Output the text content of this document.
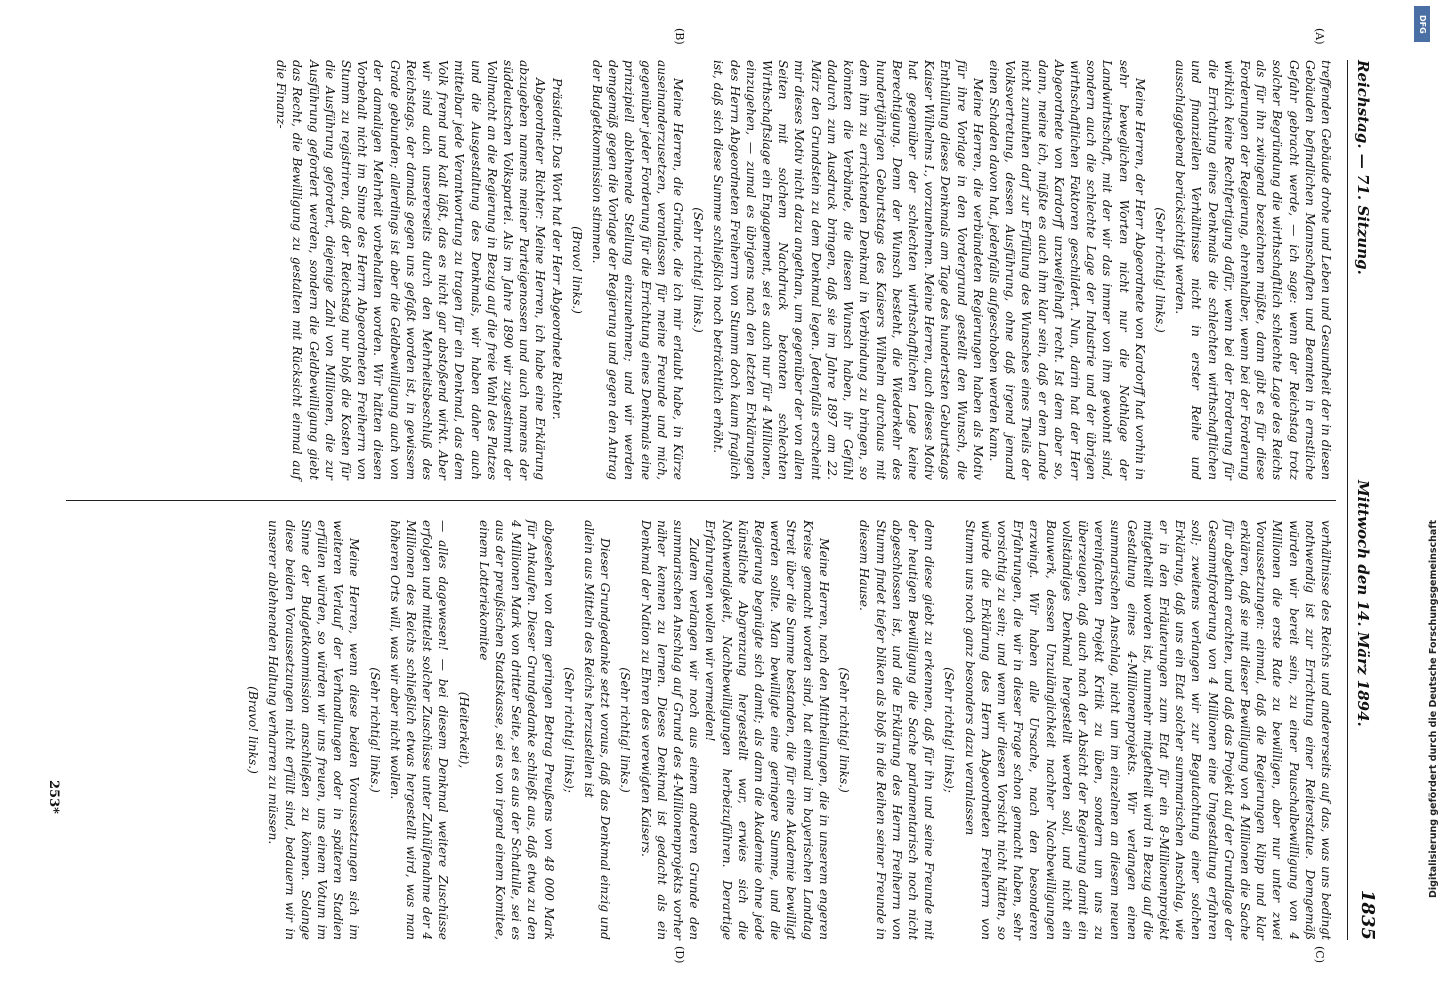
Reichstag. — 71. Sitzung.
Mittwoch den 14. März 1894.
1835
(A)
(B)
(C)
(D)

treffenden Gebäude drohe und Leben und Gesundheit der in diesen Gebäuden befindlichen Mannschaften und Beamten in ernstliche Gefahr gebracht werde, — ich sage: wenn der Reichstag trotz solcher Begründung die wirthschaftlich schlechte Lage des Reichs als für ihn zwingend bezeichnen müßte, dann gibt es für diese Forderungen der Regierung, ehrenhalber, wenn bei der Forderung wirklich keine Rechtfertigung dafür, wenn bei der Forderung für die Errichtung eines Denkmals die schlechten wirthschaftlichen und finanziellen Verhältnisse nicht in erster Reihe und ausschlaggebend berücksichtigt werden.

(Sehr richtig! links.)

Meine Herren, der Herr Abgeordnete von Kardorff hat vorhin in sehr beweglichen Worten nicht nur die Nothlage der Landwirthschaft, mit der wir das immer von ihm gewohnt sind, sondern auch die schlechte Lage der Industrie und der übrigen wirthschaftlichen Faktoren geschildert. Nun, darin hat der Herr Abgeordnete von Kardorff unzweifelhaft recht. Ist dem aber so, dann, meine ich, müßte es auch ihm klar sein, daß er dem Lande nicht zumuthen darf zur Erfüllung des Wunsches eines Theils der Volksvertretung, dessen Ausführung, ohne daß irgend jemand einen Schaden davon hat, jedenfalls aufgeschoben werden kann.

Meine Herren, die verbündeten Regierungen haben als Motiv für ihre Vorlage in den Vordergrund gestellt den Wunsch, die Enthüllung dieses Denkmals am Tage des hundertsten Geburtstags Kaiser Wilhelms I., vorzunehmen. Meine Herren, auch dieses Motiv hat gegenüber der schlechten wirthschaftlichen Lage keine Berechtigung. Denn der Wunsch besteht, die Wiederkehr des hundertjährigen Geburtstags des Kaisers Wilhelm durchaus mit dem ihm zu errichtenden Denkmal in Verbindung zu bringen, so könnten die Verbände, die diesen Wunsch haben, ihr Gefühl dadurch zum Ausdruck bringen, daß sie im Jahre 1897 am 22. März den Grundstein zu dem Denkmal legen. Jedenfalls erscheint mir dieses Motiv nicht dazu angethan, um gegenüber der von allen Seiten mit solchem Nachdruck betonten schlechten Wirthschaftslage ein Engagement, sei es auch nur für 4 Millionen, einzugehen, — zumal es übrigens nach den letzten Erklärungen des Herrn Abgeordneten Freiherrn von Stumm doch kaum fraglich ist, daß sich diese Summe schließlich noch beträchtlich erhöht.

(Sehr richtig! links.)

Meine Herren, die Gründe, die ich mir erlaubt habe, in Kürze auseinanderzusetzen, veranlassen für meine Freunde und mich, gegenüber jeder Forderung für die Errichtung eines Denkmals eine prinzipiell ablehnende Stellung einzunehmen; und wir werden demgemäß gegen die Vorlage der Regierung und gegen den Antrag der Budgetkommission stimmen.

(Bravo! links.)

Präsident: Das Wort hat der Herr Abgeordnete Richter.

Abgeordneter Richter: Meine Herren, ich habe eine Erklärung abzugeben namens meiner Parteigenossen und auch namens der süddeutschen Volkspartei. Als im Jahre 1890 wir zugestimmt der Vollmacht an die Regierung in Bezug auf die freie Wahl des Platzes und die Ausgestaltung des Denkmals, wir haben daher auch mittelbar jede Verantwortung zu tragen für ein Denkmal, das dem Volk fremd und kalt läßt, das es nicht gar abstoßend wirkt. Aber wir sind auch unsererseits durch den Mehrheitsbeschluß des Reichstags, der damals gegen uns gefaßt worden ist, in gewissem Grade gebunden; allerdings ist aber die Geldbewilligung auch von der damaligen Mehrheit vorbehalten worden. Wir hätten diesen Vorbehalt nicht im Sinne des Herrn Abgeordneten Freiherrn von Stumm zu registriren, daß der Reichstag nur bloß die Kosten für die Ausführung gefordert, diejenige Zahl von Millionen, die zur Ausführung gefordert werden, sondern die Geldbewilligung giebt das Recht, die Bewilligung zu gestalten mit Rücksicht einmal auf die Finanz-

verhältnisse des Reichs und andererseits auf das, was uns bedingt nothwendig ist zur Errichtung einer Reiterstatue. Demgemäß würden wir bereit sein, zu einer Pauschalbewilligung von 4 Millionen die erste Rate zu bewilligen, aber nur unter zwei Voraussetzungen: einmal, daß die Regierungen klipp und klar erklären, daß sie mit dieser Bewilligung von 4 Millionen die Sache für abgethan erachten, und daß das Projekt auf der Grundlage der Gesammtforderung von 4 Millionen eine Umgestaltung erfahren soll; zweitens verlangen wir zur Begutachtung einer solchen Erklärung, daß uns ein Etat solcher summarischen Anschlag, wie er in den Erläuterungen zum Etat für ein 8-Millionenprojekt mitgetheilt worden ist, nunmehr mitgetheilt wird in Bezug auf die Gestaltung eines 4-Millionenprojekts. Wir verlangen einen summarischen Anschlag, nicht um im einzelnen an diesem neuen vereinfachten Projekt Kritik zu üben, sondern um uns zu überzeugen, daß auch nach der Absicht der Regierung damit ein vollständiges Denkmal hergestellt werden soll, und nicht ein Bauwerk, dessen Unzulänglichkeit nachher Nachbewilligungen erzwingt. Wir haben alle Ursache, nach den besonderen Erfahrungen, die wir in dieser Frage schon gemacht haben, sehr vorsichtig zu sein; und wenn wir diesen Vorsicht nicht hätten, so würde die Erklärung des Herrn Abgeordneten Freiherrn von Stumm uns noch ganz besonders dazu veranlassen

(Sehr richtig! links);

denn diese giebt zu erkennen, daß für ihn und seine Freunde mit der heutigen Bewilligung die Sache parlamentarisch noch nicht abgeschlossen ist, und die Erklärung des Herrn Freiherrn von Stumm findet tiefer bliken als bloß in die Reihen seiner Freunde in diesem Hause.

(Sehr richtig! links.)

Meine Herren, nach den Mittheilungen, die in unserem engeren Kreise gemacht worden sind, hat einmal im bayerischen Landtag Streit über die Summe bestanden, die für eine Akademie bewilligt werden sollte. Man bewilligte eine geringere Summe, und die Regierung begnügte sich damit; als dann die Akademie ohne jede künstliche Abgrenzung hergestellt war, erwies sich die Nothwendigkeit, Nachbewilligungen herbeizuführen. Derartige Erfahrungen wollen wir vermeiden!

Zudem verlangen wir noch aus einem anderen Grunde den summarischen Anschlag auf Grund des 4-Millionenprojekts vorher näher kennen zu lernen. Dieses Denkmal ist gedacht als ein Denkmal der Nation zu Ehren des verewigten Kaisers.

(Sehr richtig! links.)

Dieser Grundgedanke setzt voraus, daß das Denkmal einzig und allein aus Mitteln des Reichs herzustellen ist

(Sehr richtig! links);

abgesehen von dem geringen Betrag Preußens von 48 000 Mark für Ankaufen. Dieser Grundgedanke schließt aus, daß etwa zu den 4 Millionen Mark von dritter Seite, sei es aus der Schatulle, sei es aus der preußischen Staatskasse, sei es von irgend einem Komitee, einem Lotteriekomitee

(Heiterkeit),

— alles dagewesen! — bei diesem Denkmal weitere Zuschüsse erfolgen und mittelst solcher Zuschüsse unter Zuhülfenahme der 4 Millionen des Reichs schließlich etwas hergestellt wird, was man höheren Orts will, was wir aber nicht wollen.

(Sehr richtig! links.)

Meine Herren, wenn diese beiden Voraussetzungen sich im weiteren Verlauf der Verhandlungen oder in späteren Stadien erfüllen würden, so würden wir uns freuen, uns einem Votum im Sinne der Budgetkommission anschließen zu können. Solange diese beiden Voraussetzungen nicht erfüllt sind, bedauern wir in unserer ablehnenden Haltung verharren zu müssen.

(Bravo! links.)

253*
DFG
Digitalisierung gefördert durch die Deutsche Forschungsgemeinschaft
